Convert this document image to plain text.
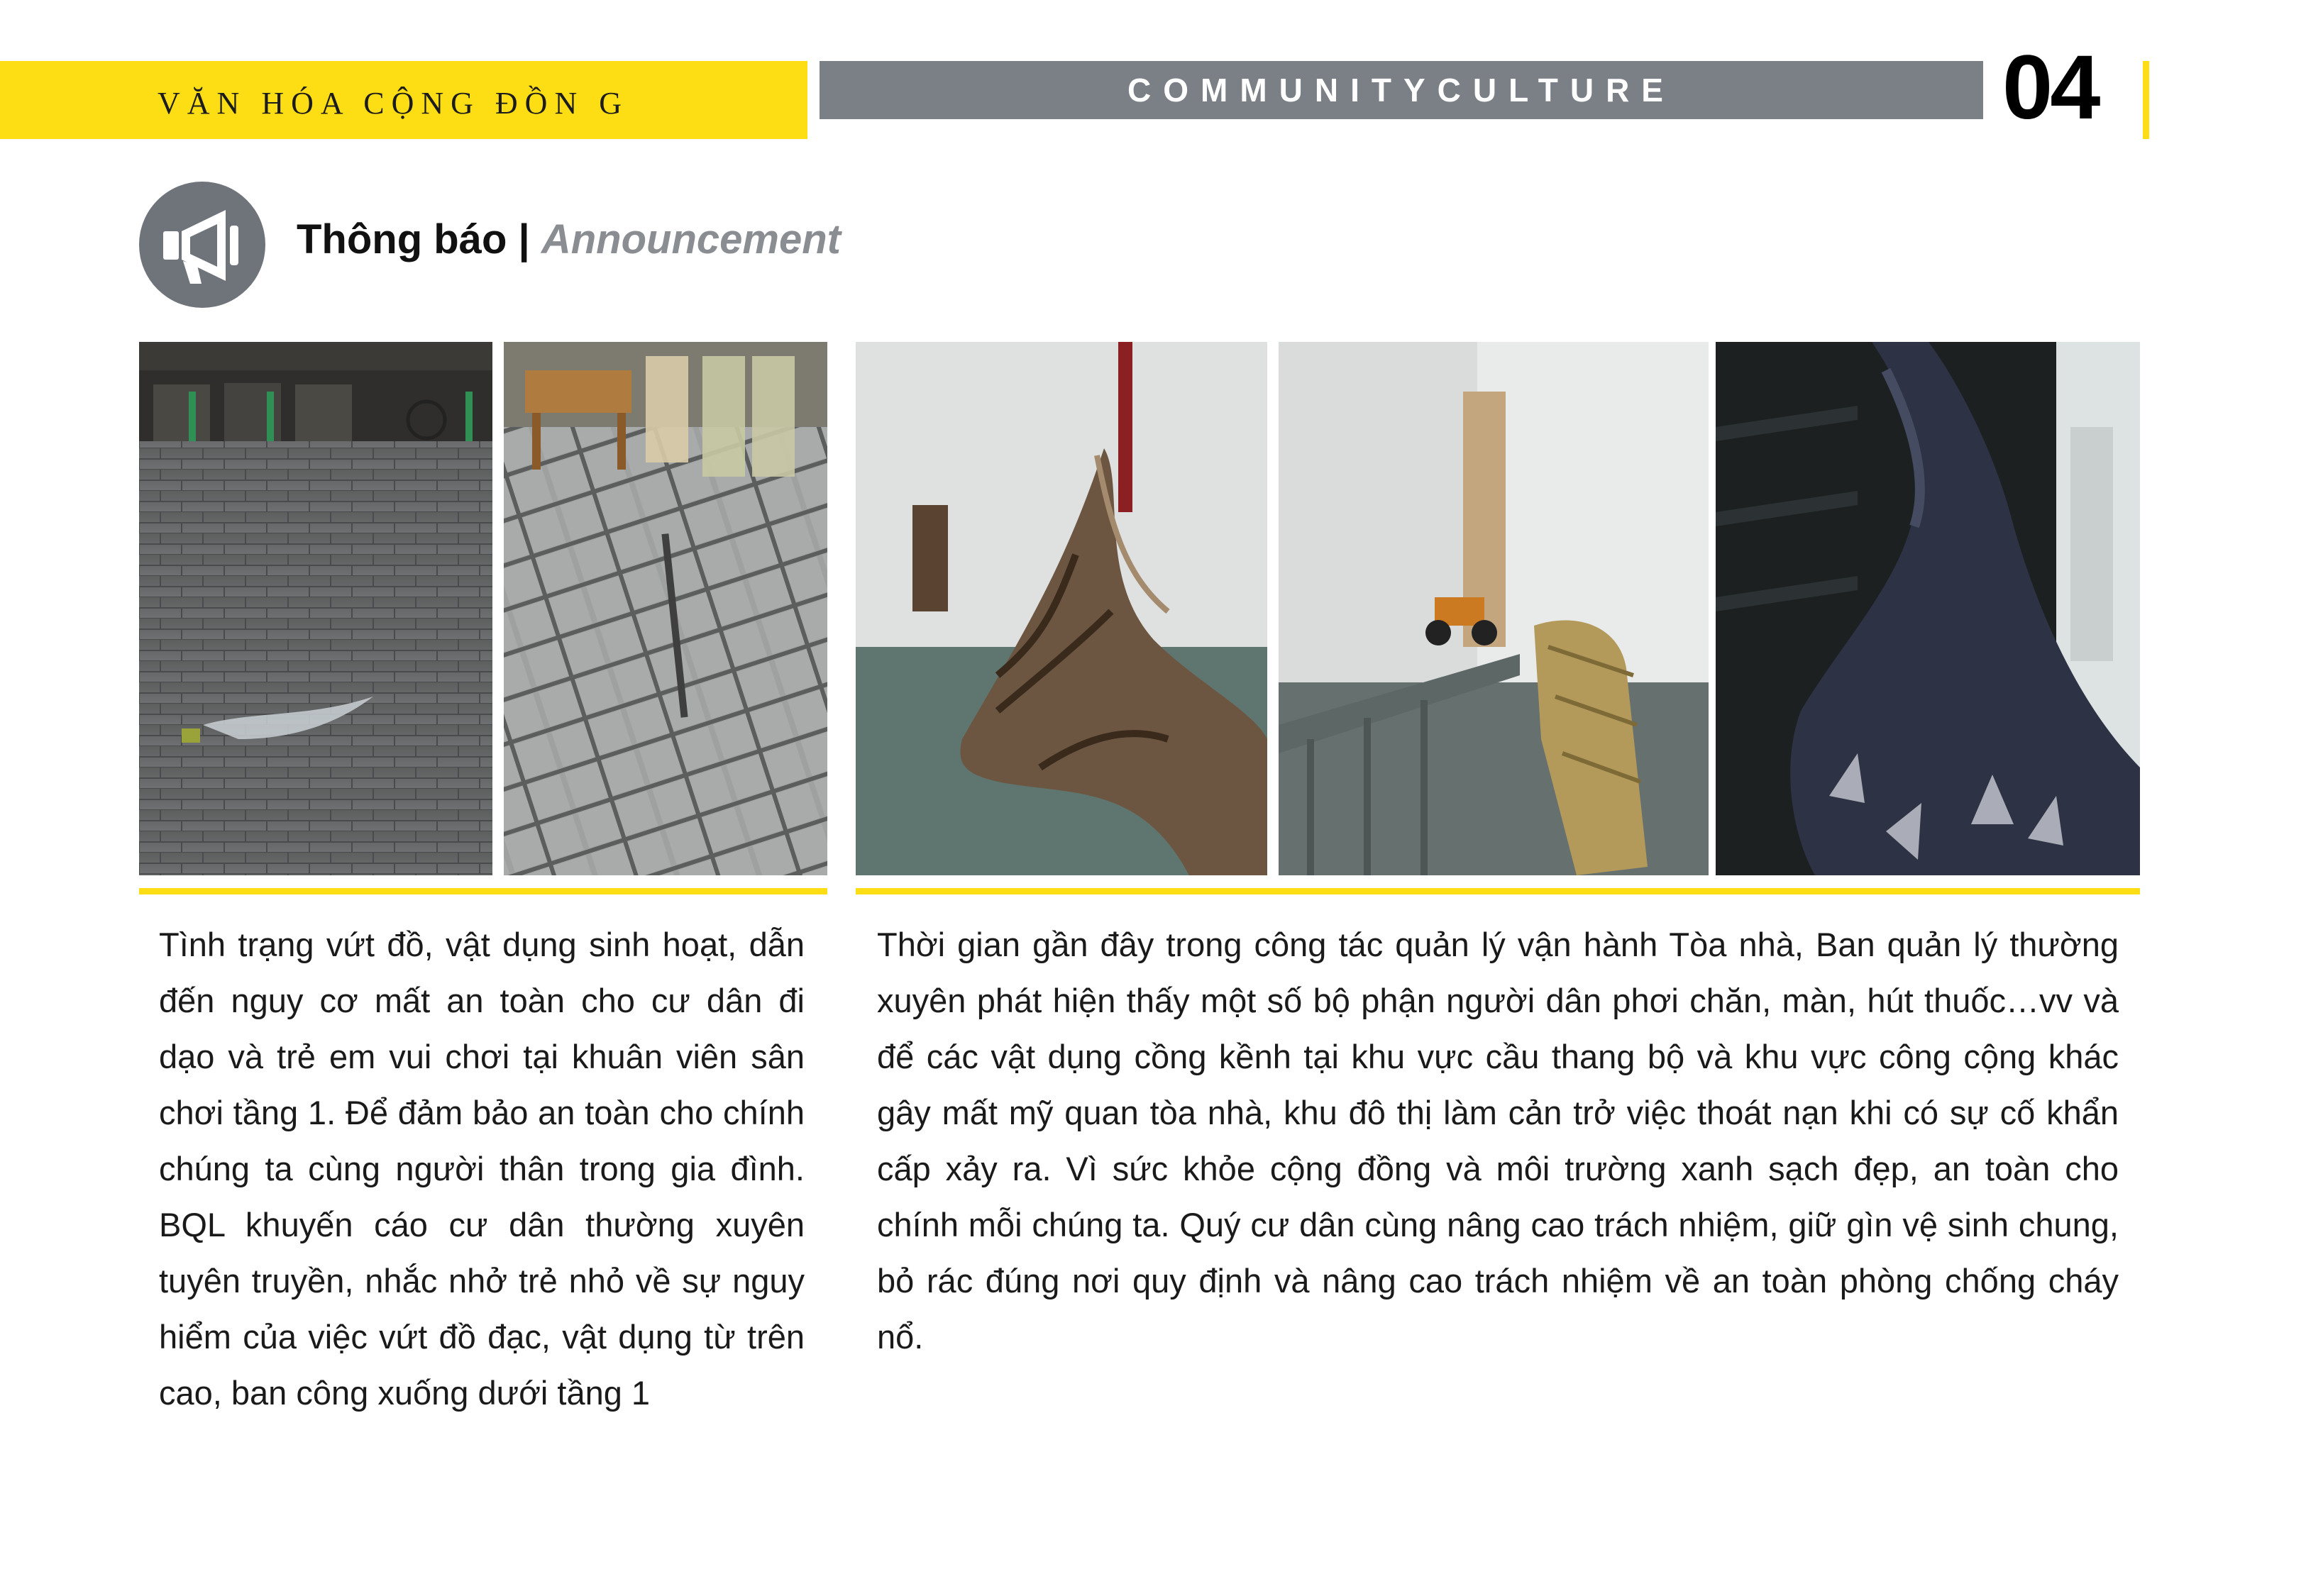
VĂN HÓA CỘNG ĐỒN G	COMMUNITYCULTURE	04
Thông báo | Announcement

Tình trạng vứt đồ, vật dụng sinh hoạt, dẫn đến nguy cơ mất an toàn cho cư dân đi dạo và trẻ em vui chơi tại khuân viên sân chơi tầng 1. Để đảm bảo an toàn cho chính chúng ta cùng người thân trong gia đình. BQL khuyến cáo cư dân thường xuyên tuyên truyền, nhắc nhở trẻ nhỏ về sự nguy hiểm của việc vứt đồ đạc, vật dụng từ trên cao, ban công xuống dưới tầng 1

Thời gian gần đây trong công tác quản lý vận hành Tòa nhà, Ban quản lý thường xuyên phát hiện thấy một số bộ phận người dân phơi chăn, màn, hút thuốc…vv và để các vật dụng cồng kềnh tại khu vực cầu thang bộ và khu vực công cộng khác gây mất mỹ quan tòa nhà, khu đô thị làm cản trở việc thoát nạn khi có sự cố khẩn cấp xảy ra. Vì sức khỏe cộng đồng và môi trường xanh sạch đẹp, an toàn cho chính mỗi chúng ta. Quý cư dân cùng nâng cao trách nhiệm, giữ gìn vệ sinh chung, bỏ rác đúng nơi quy định và nâng cao trách nhiệm về an toàn phòng chống cháy nổ.
